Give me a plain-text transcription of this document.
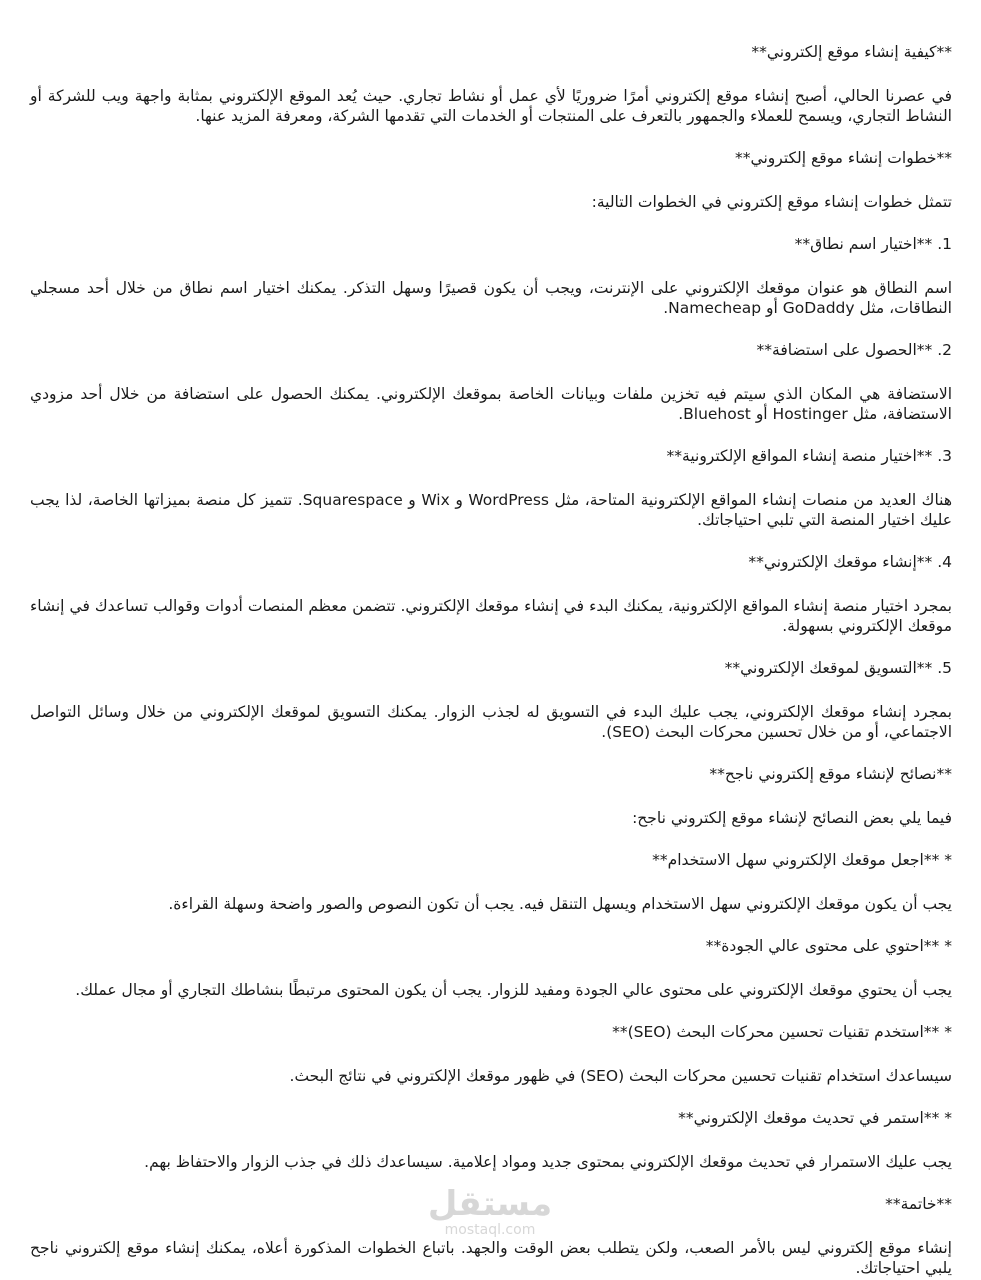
**كيفية إنشاء موقع إلكتروني**

في عصرنا الحالي، أصبح إنشاء موقع إلكتروني أمرًا ضروريًا لأي عمل أو نشاط تجاري. حيث يُعد الموقع الإلكتروني بمثابة واجهة ويب للشركة أو النشاط التجاري، ويسمح للعملاء والجمهور بالتعرف على المنتجات أو الخدمات التي تقدمها الشركة، ومعرفة المزيد عنها.

**خطوات إنشاء موقع إلكتروني**

تتمثل خطوات إنشاء موقع إلكتروني في الخطوات التالية:

1. **اختيار اسم نطاق**

اسم النطاق هو عنوان موقعك الإلكتروني على الإنترنت، ويجب أن يكون قصيرًا وسهل التذكر. يمكنك اختيار اسم نطاق من خلال أحد مسجلي النطاقات، مثل GoDaddy أو Namecheap.

2. **الحصول على استضافة**

الاستضافة هي المكان الذي سيتم فيه تخزين ملفات وبيانات الخاصة بموقعك الإلكتروني. يمكنك الحصول على استضافة من خلال أحد مزودي الاستضافة، مثل Hostinger أو Bluehost.

3. **اختيار منصة إنشاء المواقع الإلكترونية**

هناك العديد من منصات إنشاء المواقع الإلكترونية المتاحة، مثل WordPress و Wix و Squarespace. تتميز كل منصة بميزاتها الخاصة، لذا يجب عليك اختيار المنصة التي تلبي احتياجاتك.

4. **إنشاء موقعك الإلكتروني**

بمجرد اختيار منصة إنشاء المواقع الإلكترونية، يمكنك البدء في إنشاء موقعك الإلكتروني. تتضمن معظم المنصات أدوات وقوالب تساعدك في إنشاء موقعك الإلكتروني بسهولة.

5. **التسويق لموقعك الإلكتروني**

بمجرد إنشاء موقعك الإلكتروني، يجب عليك البدء في التسويق له لجذب الزوار. يمكنك التسويق لموقعك الإلكتروني من خلال وسائل التواصل الاجتماعي، أو من خلال تحسين محركات البحث (SEO).

**نصائح لإنشاء موقع إلكتروني ناجح**

فيما يلي بعض النصائح لإنشاء موقع إلكتروني ناجح:

* **اجعل موقعك الإلكتروني سهل الاستخدام**

يجب أن يكون موقعك الإلكتروني سهل الاستخدام ويسهل التنقل فيه. يجب أن تكون النصوص والصور واضحة وسهلة القراءة.

* **احتوي على محتوى عالي الجودة**

يجب أن يحتوي موقعك الإلكتروني على محتوى عالي الجودة ومفيد للزوار. يجب أن يكون المحتوى مرتبطًا بنشاطك التجاري أو مجال عملك.

* **استخدم تقنيات تحسين محركات البحث (SEO)**

سيساعدك استخدام تقنيات تحسين محركات البحث (SEO) في ظهور موقعك الإلكتروني في نتائج البحث.

* **استمر في تحديث موقعك الإلكتروني**

يجب عليك الاستمرار في تحديث موقعك الإلكتروني بمحتوى جديد ومواد إعلامية. سيساعدك ذلك في جذب الزوار والاحتفاظ بهم.

**خاتمة**

إنشاء موقع إلكتروني ليس بالأمر الصعب، ولكن يتطلب بعض الوقت والجهد. باتباع الخطوات المذكورة أعلاه، يمكنك إنشاء موقع إلكتروني ناجح يلبي احتياجاتك.

مستقل
mostaql.com
